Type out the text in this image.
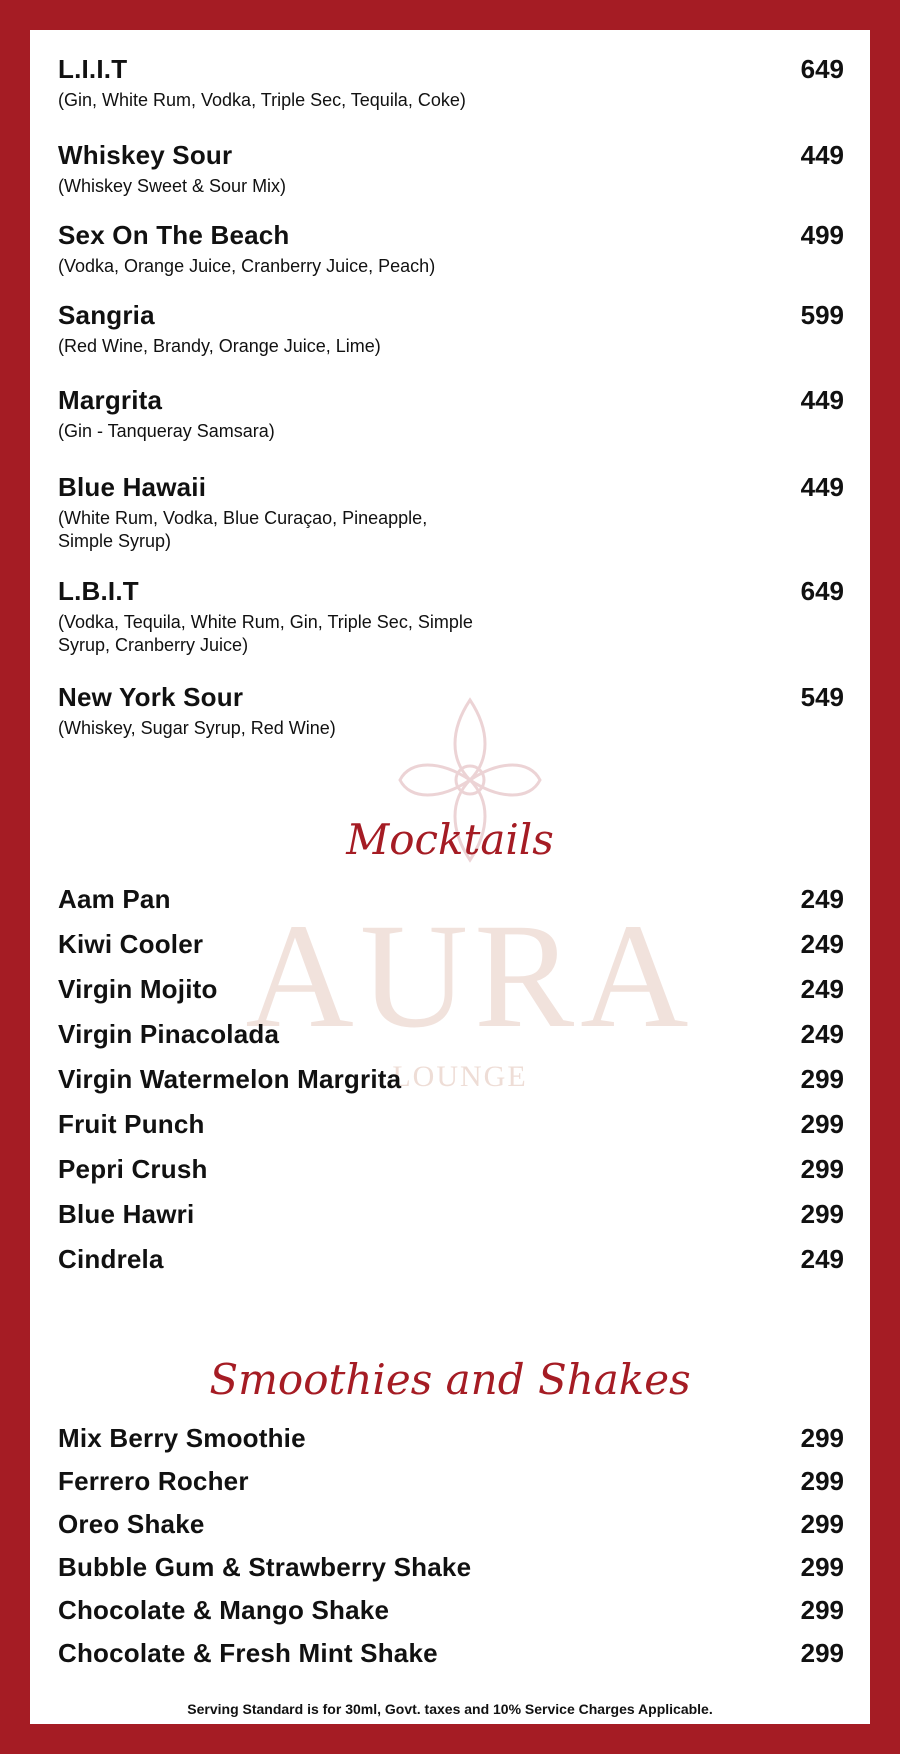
AURA
LOUNGE
L.I.I.T	649
(Gin, White Rum, Vodka, Triple Sec, Tequila, Coke)
Whiskey Sour	449
(Whiskey Sweet & Sour Mix)
Sex On The Beach	499
(Vodka, Orange Juice, Cranberry Juice, Peach)
Sangria	599
(Red Wine, Brandy, Orange Juice, Lime)
Margrita	449
(Gin - Tanqueray Samsara)
Blue Hawaii	449
(White Rum, Vodka, Blue Curaçao, Pineapple, Simple Syrup)
L.B.I.T	649
(Vodka, Tequila, White Rum, Gin, Triple Sec, Simple Syrup, Cranberry Juice)
New York Sour	549
(Whiskey, Sugar Syrup, Red Wine)
Mocktails
Aam Pan	249
Kiwi Cooler	249
Virgin Mojito	249
Virgin Pinacolada	249
Virgin Watermelon Margrita	299
Fruit Punch	299
Pepri Crush	299
Blue Hawri	299
Cindrela	249
Smoothies and Shakes
Mix Berry Smoothie	299
Ferrero Rocher	299
Oreo Shake	299
Bubble Gum & Strawberry Shake	299
Chocolate & Mango Shake	299
Chocolate & Fresh Mint Shake	299
Serving Standard is for 30ml, Govt. taxes and 10% Service Charges Applicable.
